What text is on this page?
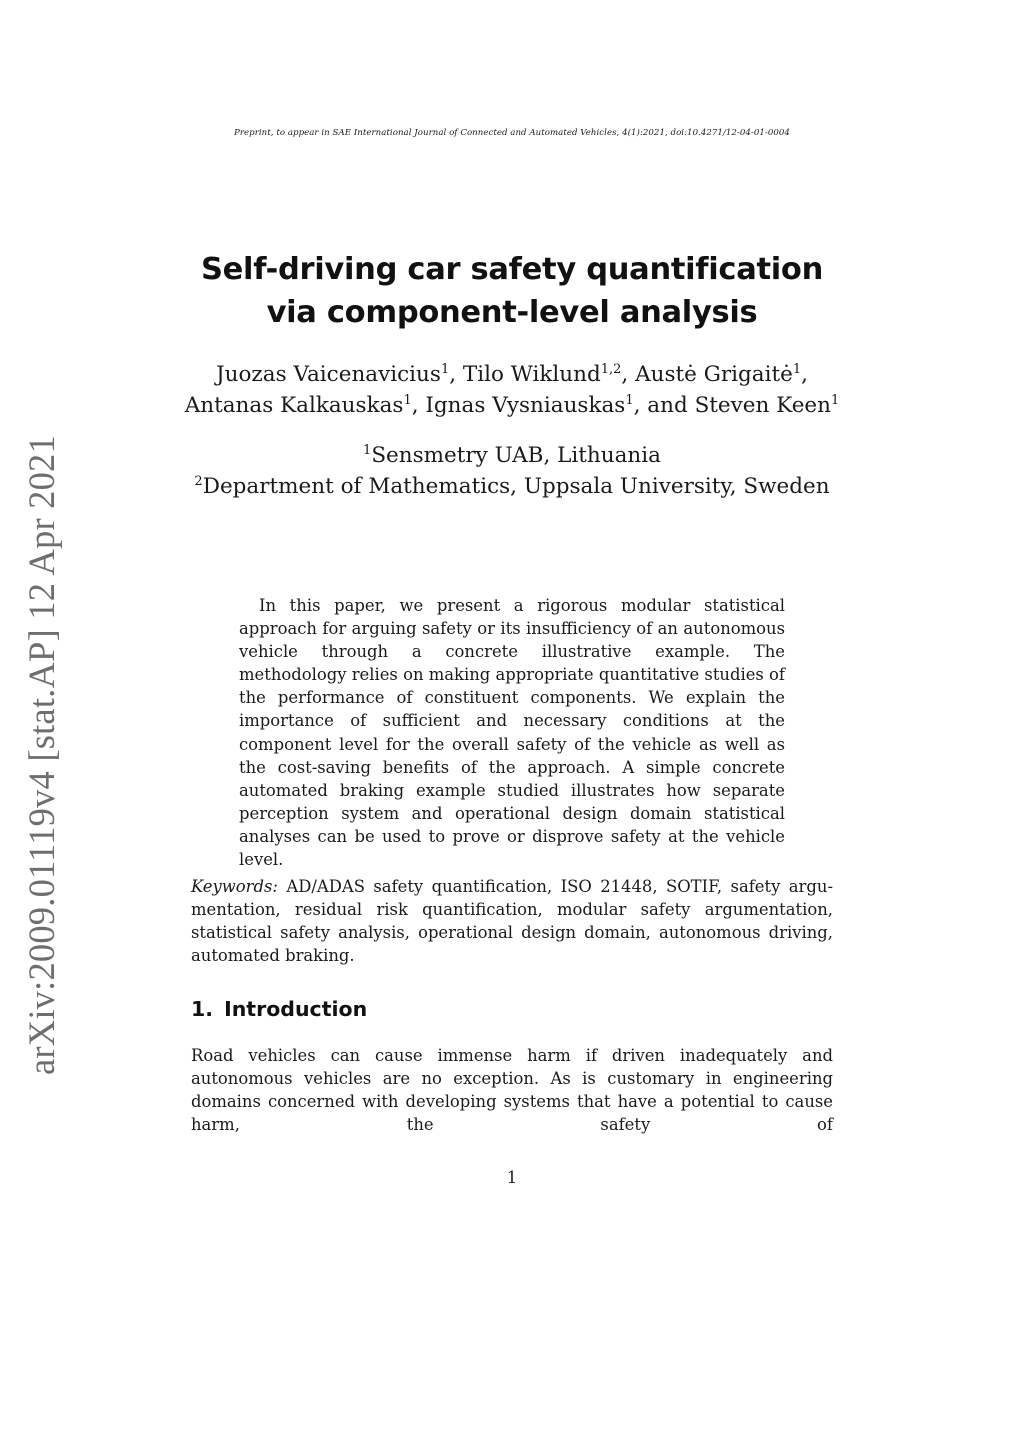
Preprint, to appear in SAE International Journal of Connected and Automated Vehicles, 4(1):2021, doi:10.4271/12-04-01-0004
Self-driving car safety quantification
via component-level analysis
Juozas Vaicenavicius$^1$, Tilo Wiklund$^{1,2}$, Austė Grigaitė$^1$,
Antanas Kalkauskas$^1$, Ignas Vysniauskas$^1$, and Steven Keen$^1$
$^1$Sensmetry UAB, Lithuania
$^2$Department of Mathematics, Uppsala University, Sweden
arXiv:2009.01119v4 [stat.AP] 12 Apr 2021	In this paper, we present a rigorous modular statistical approach for arguing safety or its insufficiency of an autonomous vehicle through a concrete illustrative example. The methodology relies on making appropriate quantitative studies of the performance of constituent components. We explain the importance of sufficient and necessary conditions at the component level for the overall safety of the vehicle as well as the cost-saving benefits of the approach. A simple concrete automated braking example studied illustrates how separate perception system and operational design domain statistical analyses can be used to prove or disprove safety at the vehicle level.
Keywords: AD/ADAS safety quantification, ISO 21448, SOTIF, safety argumentation, residual risk quantification, modular safety argumentation, statistical safety analysis, operational design domain, autonomous driving, automated braking.
1. Introduction
Road vehicles can cause immense harm if driven inadequately and autonomous vehicles are no exception. As is customary in engineering domains concerned with developing systems that have a potential to cause harm, the safety of
1
